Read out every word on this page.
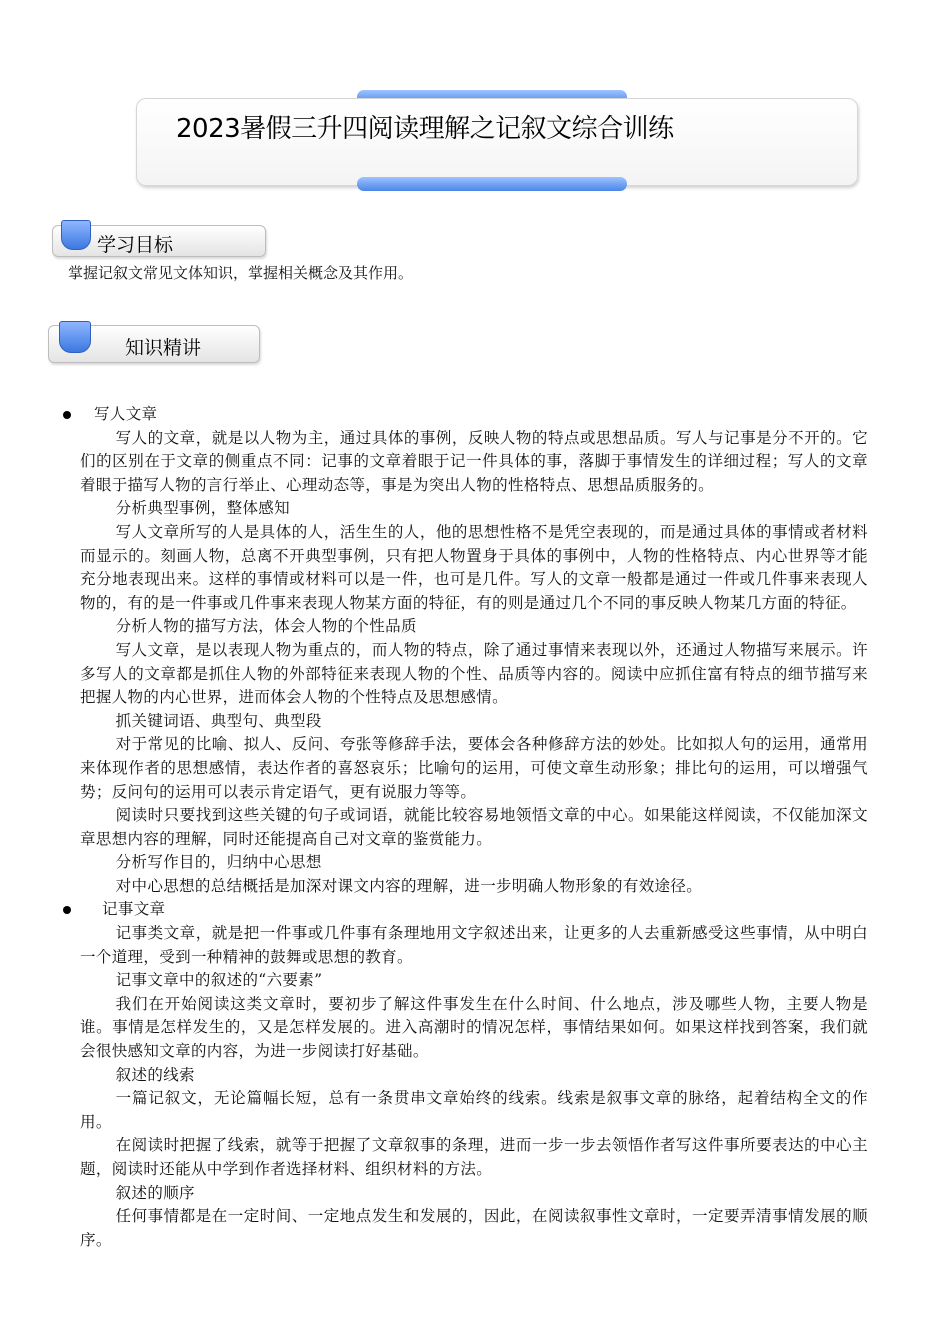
2023暑假三升四阅读理解之记叙文综合训练
学习目标
掌握记叙文常见文体知识，掌握相关概念及其作用。
知识精讲

写人文章

写人的文章，就是以人物为主，通过具体的事例，反映人物的特点或思想品质。写人与记事是分不开的。它们的区别在于文章的侧重点不同：记事的文章着眼于记一件具体的事，落脚于事情发生的详细过程；写人的文章着眼于描写人物的言行举止、心理动态等，事是为突出人物的性格特点、思想品质服务的。

分析典型事例，整体感知

写人文章所写的人是具体的人，活生生的人，他的思想性格不是凭空表现的，而是通过具体的事情或者材料而显示的。刻画人物，总离不开典型事例，只有把人物置身于具体的事例中，人物的性格特点、内心世界等才能充分地表现出来。这样的事情或材料可以是一件，也可是几件。写人的文章一般都是通过一件或几件事来表现人物的，有的是一件事或几件事来表现人物某方面的特征，有的则是通过几个不同的事反映人物某几方面的特征。

分析人物的描写方法，体会人物的个性品质

写人文章，是以表现人物为重点的，而人物的特点，除了通过事情来表现以外，还通过人物描写来展示。许多写人的文章都是抓住人物的外部特征来表现人物的个性、品质等内容的。阅读中应抓住富有特点的细节描写来把握人物的内心世界，进而体会人物的个性特点及思想感情。

抓关键词语、典型句、典型段

对于常见的比喻、拟人、反问、夸张等修辞手法，要体会各种修辞方法的妙处。比如拟人句的运用，通常用来体现作者的思想感情，表达作者的喜怒哀乐；比喻句的运用，可使文章生动形象；排比句的运用，可以增强气势；反问句的运用可以表示肯定语气，更有说服力等等。

阅读时只要找到这些关键的句子或词语，就能比较容易地领悟文章的中心。如果能这样阅读，不仅能加深文章思想内容的理解，同时还能提高自己对文章的鉴赏能力。

分析写作目的，归纳中心思想

对中心思想的总结概括是加深对课文内容的理解，进一步明确人物形象的有效途径。

记事文章

记事类文章，就是把一件事或几件事有条理地用文字叙述出来，让更多的人去重新感受这些事情，从中明白一个道理，受到一种精神的鼓舞或思想的教育。

记事文章中的叙述的“六要素”

我们在开始阅读这类文章时，要初步了解这件事发生在什么时间、什么地点，涉及哪些人物，主要人物是谁。事情是怎样发生的，又是怎样发展的。进入高潮时的情况怎样，事情结果如何。如果这样找到答案，我们就会很快感知文章的内容，为进一步阅读打好基础。

叙述的线索

一篇记叙文，无论篇幅长短，总有一条贯串文章始终的线索。线索是叙事文章的脉络，起着结构全文的作用。

在阅读时把握了线索，就等于把握了文章叙事的条理，进而一步一步去领悟作者写这件事所要表达的中心主题，阅读时还能从中学到作者选择材料、组织材料的方法。

叙述的顺序

任何事情都是在一定时间、一定地点发生和发展的，因此，在阅读叙事性文章时，一定要弄清事情发展的顺序。
